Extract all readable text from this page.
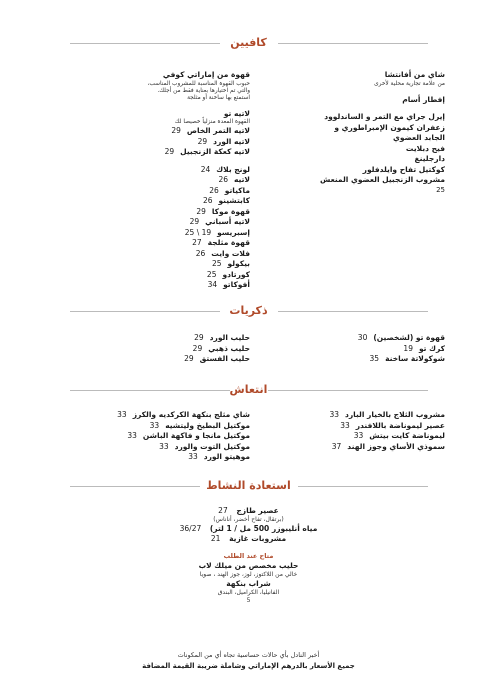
كافيين
شاي من أفانتشا
من علامة تجارية محلية لأخرى
إفطار أسام
إيرل جراي مع التمر و الساندلوود
زعفران كيمون الإمبراطوري و
الجابد العضوي
فيح دبلايت
دارجلينغ
كوكتيل تفاح وايلدفلور
مشروب الزنجبيل العضوي المنعش
25
قهوة من إماراتي كوفي
حبوب القهوة المناسبة للمشروب المناسب،
والتي تم اختيارها بعناية فقط من أجلك.
استمتع بها ساخنة أو مثلجة
لاتيه تو
القهوة المعدة منزلياً خصيصا لك
لاتيه التمر الخاص29
لاتيه الورد29
لاتيه كعكة الزنجبيل29
لونج بلاك24
لاتيه26
ماكياتو26
كابتشينو26
قهوة موكا29
لاتيه أسباني29
إسبريسو19 \ 25
قهوة مثلجة27
فلات وايت26
بيكولو25
كورتادو25
أفوكاتو34
ذكريات
قهوة تو (لشخصين)30
كرك تو19
شوكولاتة ساخنة35
حليب الورد29
حليب ذهبي29
حليب الفستق29
انتعاش
مشروب الثلاج بالخيار البارد33
عصير ليموناضة باللافندر33
ليموناضة كايت بيتش33
سموذي الأساي وجوز الهند37
شاي مثلج بنكهة الكركديه والكرز33
موكتيل البطيخ وليتشيه33
موكتيل مانجا و فاكهة الباشن33
موكتيل التوت والورد33
موهيتو الورد33
استعادة النشاط
عصير طازج 27
(برتقال، تفاح أخضر، أناناس)
مياه أنليبوزر 500 مل / 1 لتر) 36/27
مشروبات غازية 21
متاح عند الطلب
حليب مخصص من ميلك لاب
خالي من اللاكتوز، لوز، جوز الهند ، صويا
شراب بنكهة
الفانيليا، الكراميل، البندق
5
أخبر النادل بأي حالات حساسية تجاه أي من المكونات
جميع الأسعار بالدرهم الإماراتي وشاملة ضريبة القيمة المضافة
